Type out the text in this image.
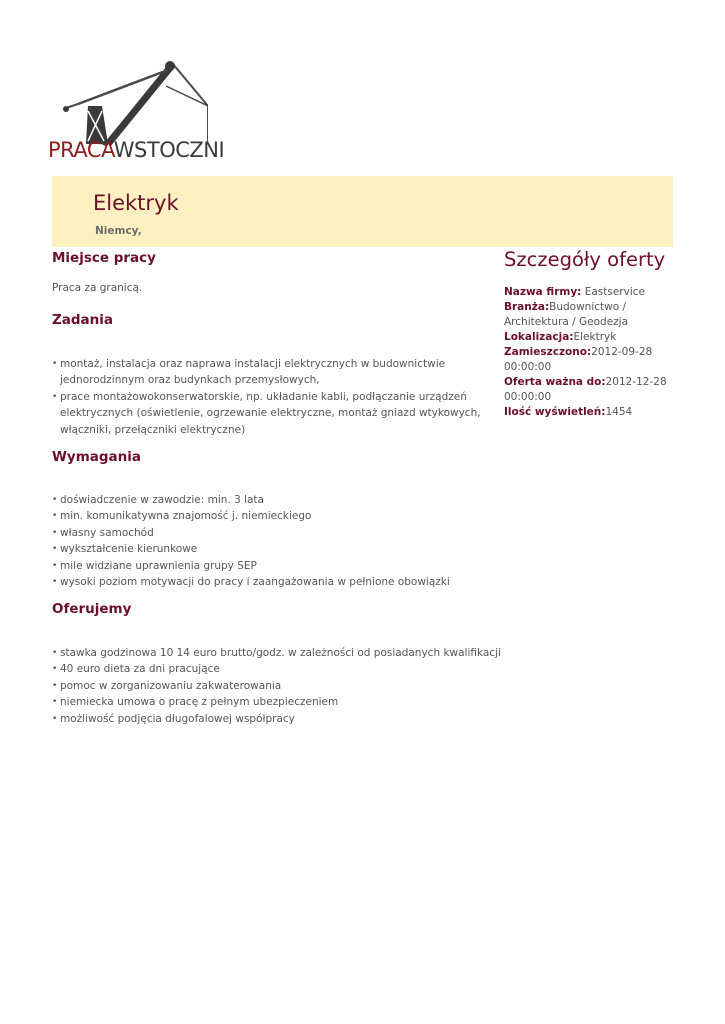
PRACAWSTOCZNI
Elektryk
Niemcy,
Miejsce pracy
Praca za granicą.
Zadania
• montaż, instalacja oraz naprawa instalacji elektrycznych w budownictwie jednorodzinnym oraz budynkach przemysłowych,
• prace montażowokonserwatorskie, np. układanie kabli, podłączanie urządzeń elektrycznych (oświetlenie, ogrzewanie elektryczne, montaż gniazd wtykowych, włączniki, przełączniki elektryczne)
Wymagania
• doświadczenie w zawodzie: min. 3 lata
• min. komunikatywna znajomość j. niemieckiego
• własny samochód
• wykształcenie kierunkowe
• mile widziane uprawnienia grupy SEP
• wysoki poziom motywacji do pracy i zaangażowania w pełnione obowiązki
Oferujemy
• stawka godzinowa 10 14 euro brutto/godz. w zależności od posiadanych kwalifikacji
• 40 euro dieta za dni pracujące
• pomoc w zorganizowaniu zakwaterowania
• niemiecka umowa o pracę z pełnym ubezpieczeniem
• możliwość podjęcia długofalowej współpracy
Szczegóły oferty
Nazwa firmy: Eastservice
Branża:Budownictwo / Architektura / Geodezja
Lokalizacja:Elektryk
Zamieszczono:2012-09-28 00:00:00
Oferta ważna do:2012-12-28 00:00:00
Ilość wyświetleń:1454
